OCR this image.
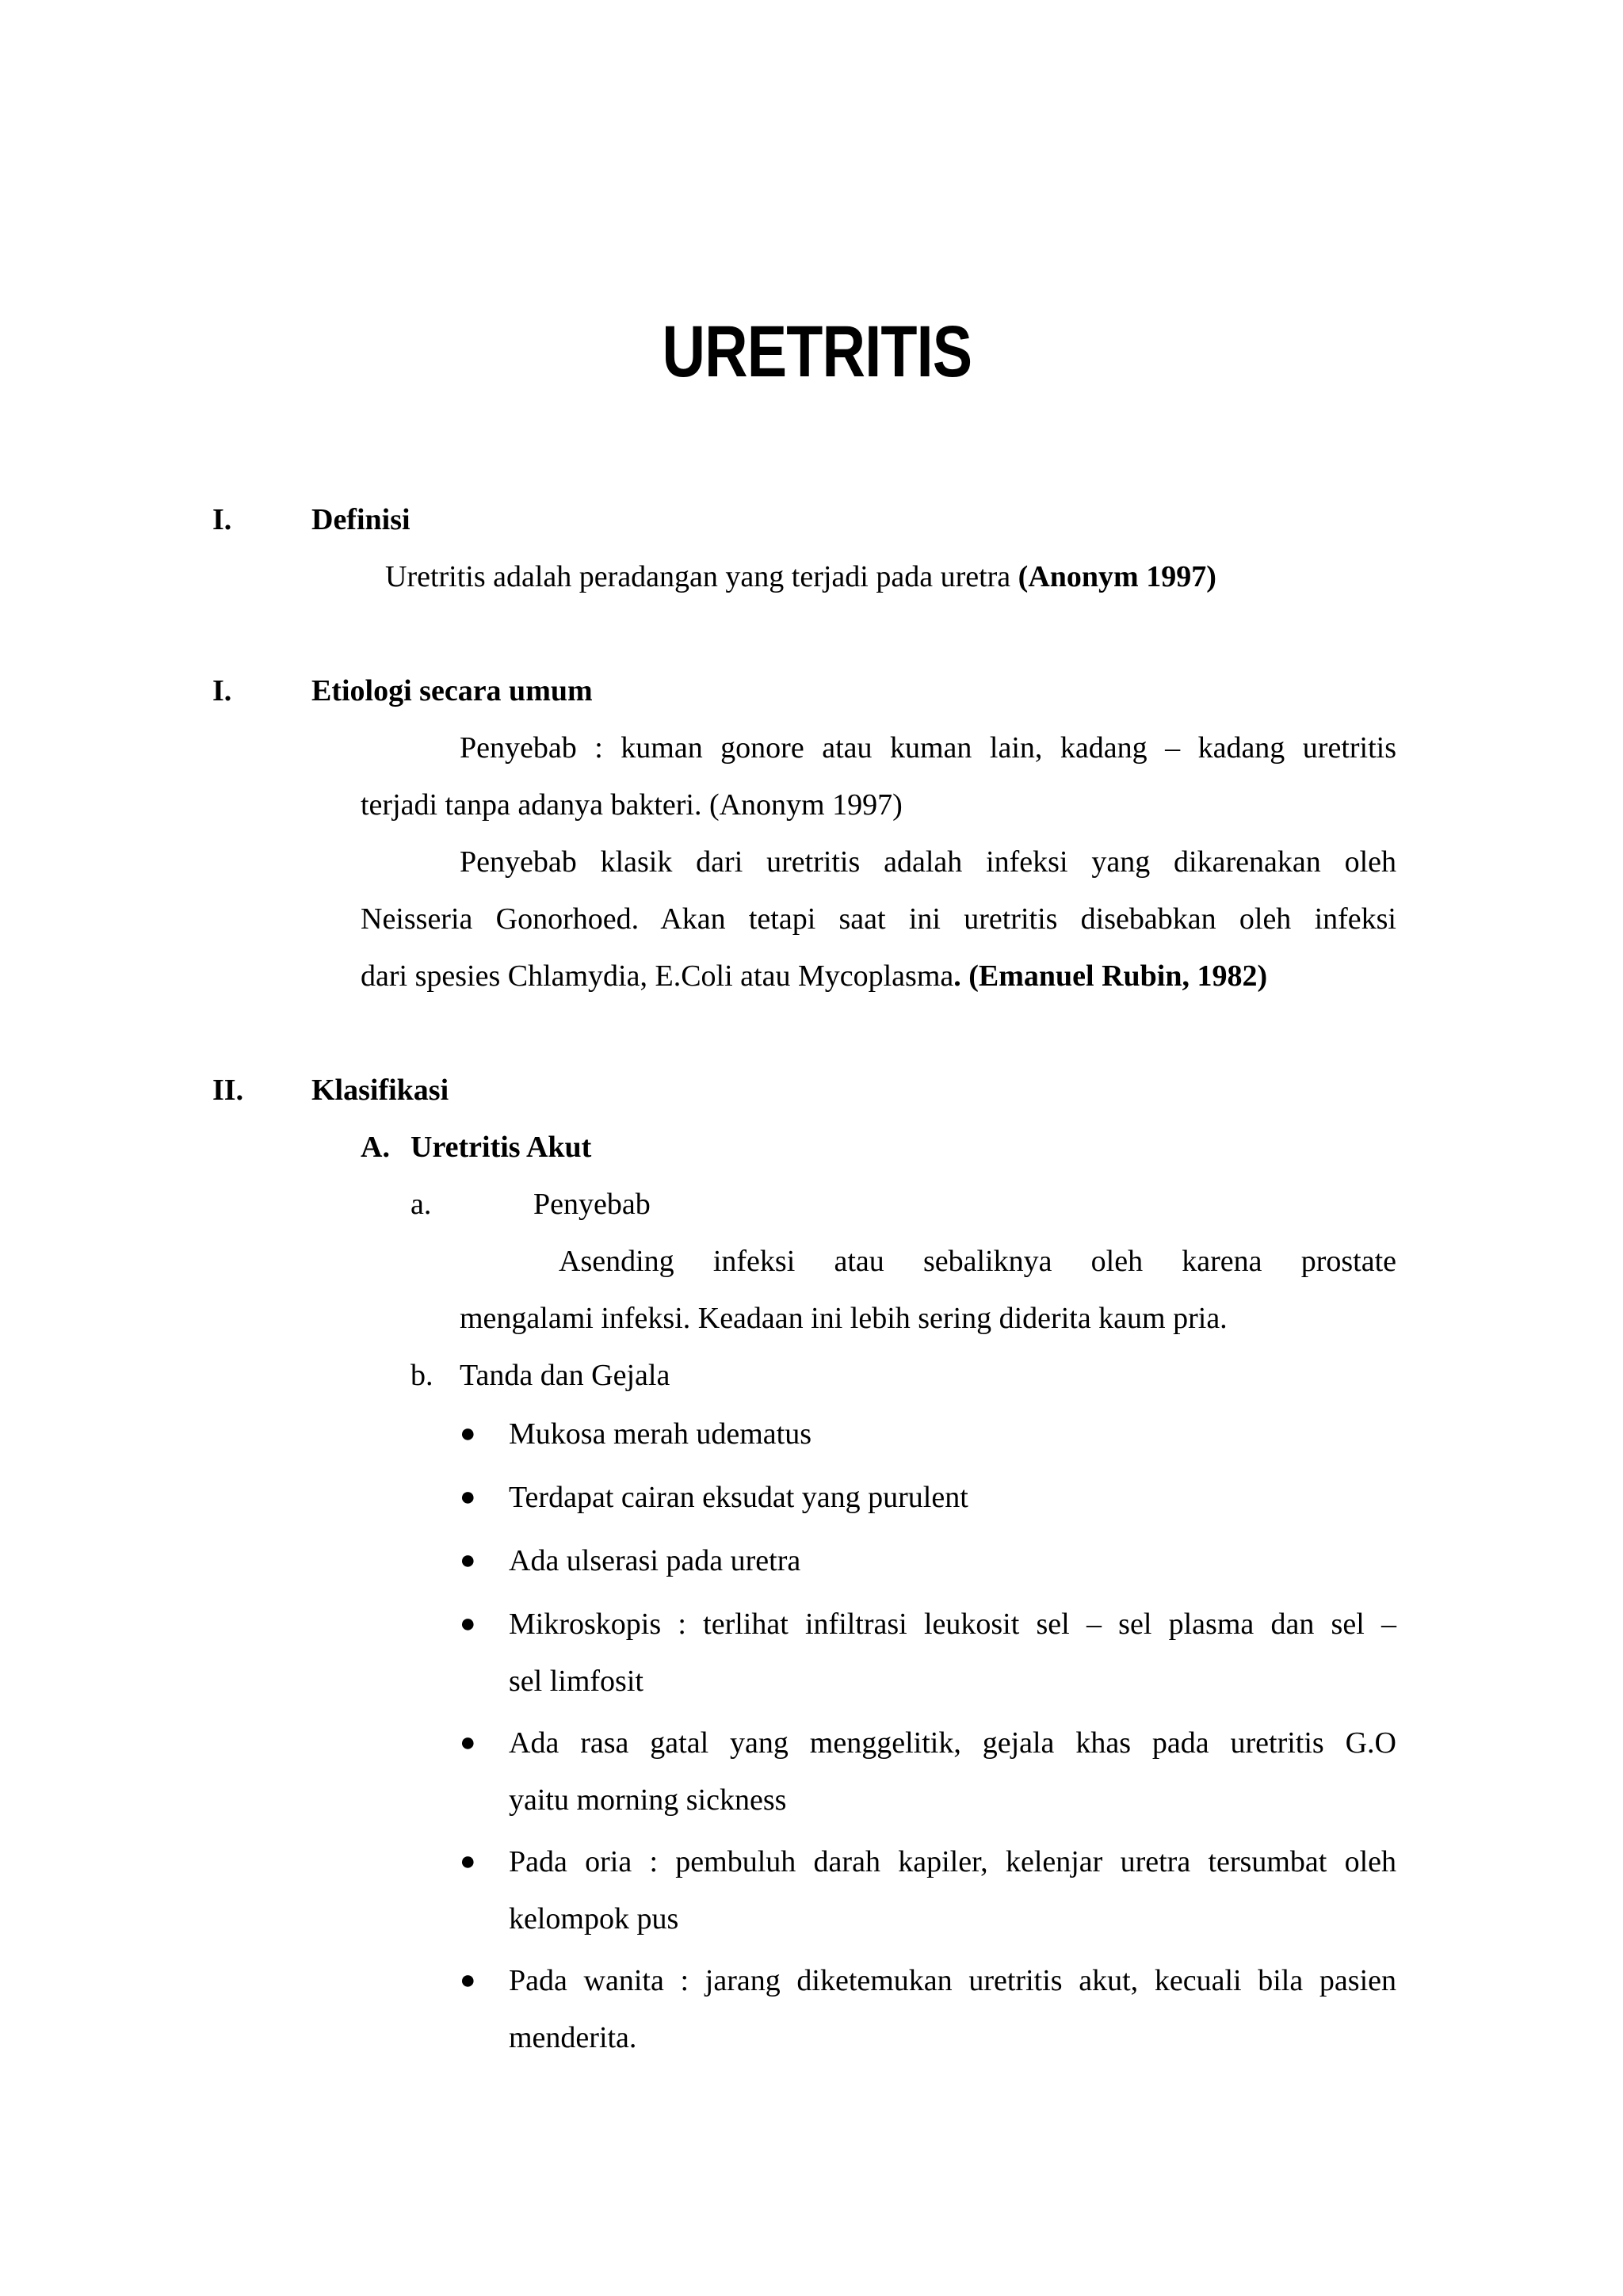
URETRITIS
I.	Definisi
Uretritis adalah peradangan yang terjadi pada uretra (Anonym 1997)
I.	Etiologi secara umum
Penyebab : kuman gonore atau kuman lain, kadang – kadang uretritis
terjadi tanpa adanya bakteri. (Anonym 1997)
Penyebab klasik dari uretritis adalah infeksi yang dikarenakan oleh
Neisseria Gonorhoed. Akan tetapi saat ini uretritis disebabkan oleh infeksi
dari spesies Chlamydia, E.Coli atau Mycoplasma. (Emanuel Rubin, 1982)
II. Klasifikasi
A. Uretritis Akut
a.	Penyebab
Asending infeksi atau sebaliknya oleh karena prostate
mengalami infeksi. Keadaan ini lebih sering diderita kaum pria.
b. Tanda dan Gejala
● Mukosa merah udematus
● Terdapat cairan eksudat yang purulent
● Ada ulserasi pada uretra
● Mikroskopis : terlihat infiltrasi leukosit sel – sel plasma dan sel –
sel limfosit
● Ada rasa gatal yang menggelitik, gejala khas pada uretritis G.O
yaitu morning sickness
● Pada oria : pembuluh darah kapiler, kelenjar uretra tersumbat oleh
kelompok pus
● Pada wanita : jarang diketemukan uretritis akut, kecuali bila pasien
menderita.
